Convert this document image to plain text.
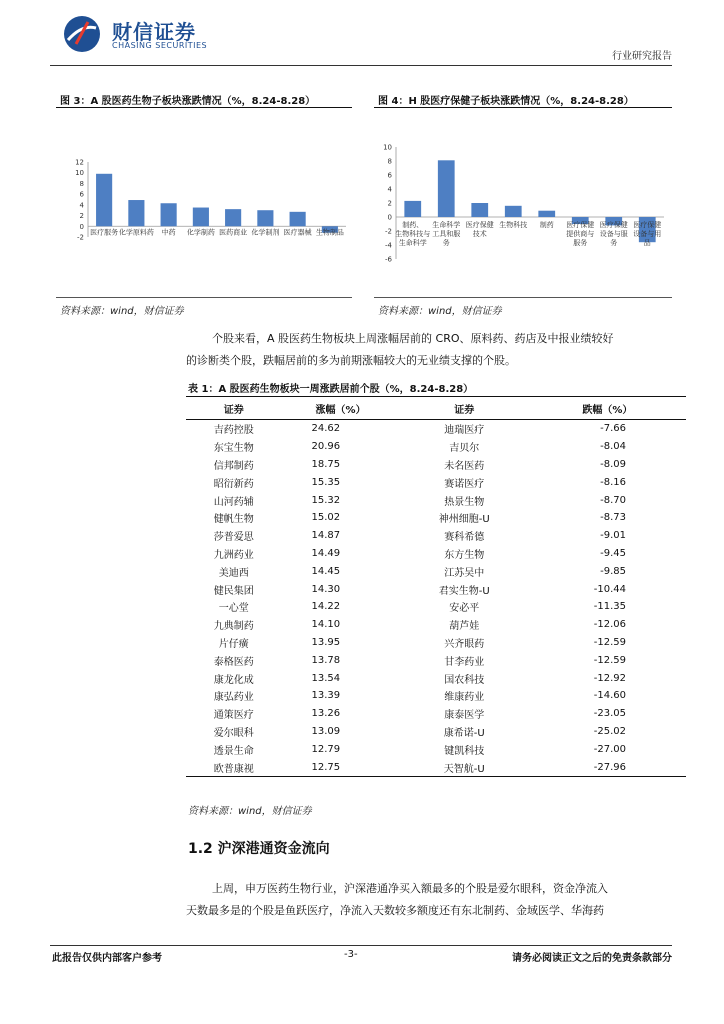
财信证券
CHASING SECURITIES
行业研究报告
图 3：A 股医药生物子板块涨跌情况（%，8.24-8.28）	图 4：H 股医疗保健子板块涨跌情况（%，8.24-8.28）
12
10
8
6
4
2
0
-2
医疗服务 化学原料药 中药 化学制药 医药商业 化学制剂 医疗器械 生物制品
10
8
6
4
2
0
-2
-4
-6
制药、生物科技与生命科学
生命科学工具和服务
医疗保健技术
生物科技 制药 医疗保健提供商与服务
医疗保健设备与服务
医疗保健设备与用品
资料来源：wind，财信证券	资料来源：wind，财信证券
个股来看，A 股医药生物板块上周涨幅居前的 CRO、原料药、药店及中报业绩较好
的诊断类个股，跌幅居前的多为前期涨幅较大的无业绩支撑的个股。
表 1：A 股医药生物板块一周涨跌居前个股（%，8.24-8.28）
证券	涨幅（%）	证券	跌幅（%）
吉药控股	24.62	迪瑞医疗	-7.66
东宝生物	20.96	吉贝尔	-8.04
信邦制药	18.75	未名医药	-8.09
昭衍新药	15.35	赛诺医疗	-8.16
山河药辅	15.32	热景生物	-8.70
健帆生物	15.02	神州细胞-U	-8.73
莎普爱思	14.87	赛科希德	-9.01
九洲药业	14.49	东方生物	-9.45
美迪西	14.45	江苏吴中	-9.85
健民集团	14.30	君实生物-U	-10.44
一心堂	14.22	安必平	-11.35
九典制药	14.10	葫芦娃	-12.06
片仔癀	13.95	兴齐眼药	-12.59
泰格医药	13.78	甘李药业	-12.59
康龙化成	13.54	国农科技	-12.92
康弘药业	13.39	维康药业	-14.60
通策医疗	13.26	康泰医学	-23.05
爱尔眼科	13.09	康希诺-U	-25.02
透景生命	12.79	键凯科技	-27.00
欧普康视	12.75	天智航-U	-27.96
资料来源：wind，财信证券
1.2 沪深港通资金流向
上周，申万医药生物行业，沪深港通净买入额最多的个股是爱尔眼科，资金净流入
天数最多是的个股是鱼跃医疗，净流入天数较多额度还有东北制药、金域医学、华海药
此报告仅供内部客户参考	-3-	请务必阅读正文之后的免责条款部分
